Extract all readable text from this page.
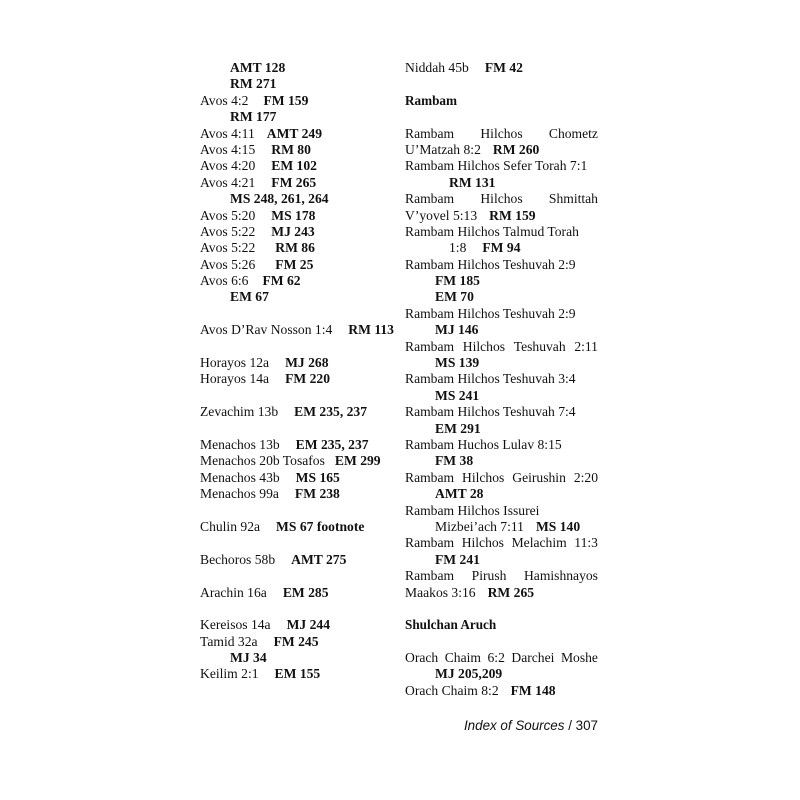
AMT 128
RM 271
Avos 4:2 FM 159
RM 177
Avos 4:11 AMT 249
Avos 4:15 RM 80
Avos 4:20 EM 102
Avos 4:21 FM 265
MS 248, 261, 264
Avos 5:20 MS 178
Avos 5:22 MJ 243
Avos 5:22 RM 86
Avos 5:26 FM 25
Avos 6:6 FM 62
EM 67
Avos D’Rav Nosson 1:4 RM 113
Horayos 12a MJ 268
Horayos 14a FM 220
Zevachim 13b EM 235, 237
Menachos 13b EM 235, 237
Menachos 20b Tosafos EM 299
Menachos 43b MS 165
Menachos 99a FM 238
Chulin 92a MS 67 footnote
Bechoros 58b AMT 275
Arachin 16a EM 285
Kereisos 14a MJ 244
Tamid 32a FM 245
MJ 34
Keilim 2:1 EM 155
Niddah 45b FM 42
Rambam
Rambam Hilchos Chometz
U’Matzah 8:2 RM 260
Rambam Hilchos Sefer Torah 7:1
RM 131
Rambam Hilchos Shmittah
V’yovel 5:13 RM 159
Rambam Hilchos Talmud Torah
1:8 FM 94
Rambam Hilchos Teshuvah 2:9
FM 185
EM 70
Rambam Hilchos Teshuvah 2:9
MJ 146
Rambam Hilchos Teshuvah 2:11
MS 139
Rambam Hilchos Teshuvah 3:4
MS 241
Rambam Hilchos Teshuvah 7:4
EM 291
Rambam Huchos Lulav 8:15
FM 38
Rambam Hilchos Geirushin 2:20
AMT 28
Rambam Hilchos Issurei
Mizbei’ach 7:11 MS 140
Rambam Hilchos Melachim 11:3
FM 241
Rambam Pirush Hamishnayos
Maakos 3:16 RM 265
Shulchan Aruch
Orach Chaim 6:2 Darchei Moshe
MJ 205,209
Orach Chaim 8:2 FM 148
Index of Sources / 307
